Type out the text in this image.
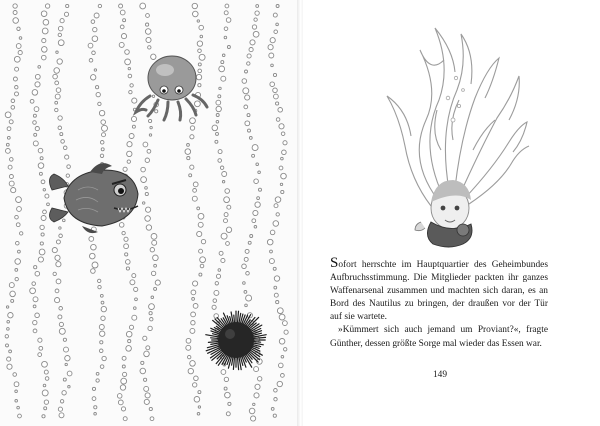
Sofort herrschte im Hauptquartier des Geheimbundes Aufbruchsstimmung. Die Mitglieder packten ihr ganzes Waffenarsenal zusammen und machten sich daran, es an Bord des Nautilus zu bringen, der draußen vor der Tür auf sie wartete.

»Kümmert sich auch jemand um Proviant?«, fragte Günther, dessen größte Sorge mal wieder das Essen war.

149
